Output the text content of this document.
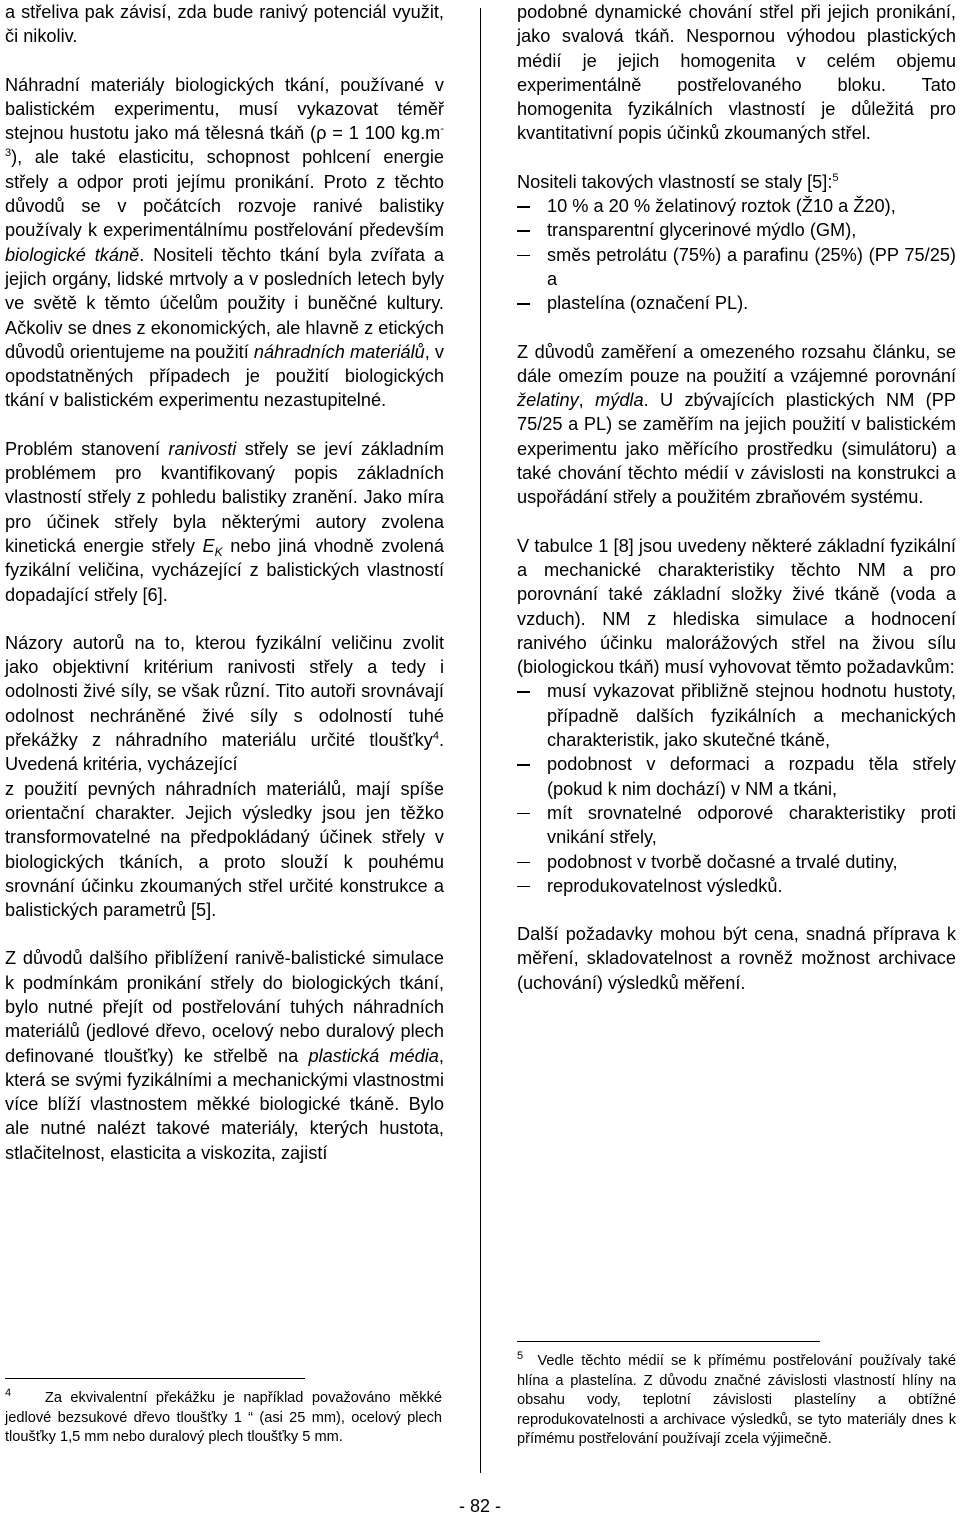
a střeliva pak závisí, zda bude ranivý potenciál využit, či nikoliv.

Náhradní materiály biologických tkání, používané v balistickém experimentu, musí vykazovat téměř stejnou hustotu jako má tělesná tkáň (ρ = 1 100 $kg.m^{-3}$), ale také elasticitu, schopnost pohlcení energie střely a odpor proti jejímu pronikání. Proto z těchto důvodů se v počátcích rozvoje ranivé balistiky používaly k experimentálnímu postřelování především biologické tkáně. Nositeli těchto tkání byla zvířata a jejich orgány, lidské mrtvoly a v posledních letech byly ve světě k těmto účelům použity i buněčné kultury. Ačkoliv se dnes z ekonomických, ale hlavně z etických důvodů orientujeme na použití náhradních materiálů, v opodstatněných případech je použití biologických tkání v balistickém experimentu nezastupitelné.

Problém stanovení ranivosti střely se jeví základním problémem pro kvantifikovaný popis základních vlastností střely z pohledu balistiky zranění. Jako míra pro účinek střely byla některými autory zvolena kinetická energie střely $E_K$ nebo jiná vhodně zvolená fyzikální veličina, vycházející z balistických vlastností dopadající střely [6].

Názory autorů na to, kterou fyzikální veličinu zvolit jako objektivní kritérium ranivosti střely a tedy i odolnosti živé síly, se však různí. Tito autoři srovnávají odolnost nechráněné živé síly s odolností tuhé překážky z náhradního materiálu určité tloušťky$^4$. Uvedená kritéria, vycházející

z použití pevných náhradních materiálů, mají spíše orientační charakter. Jejich výsledky jsou jen těžko transformovatelné na předpokládaný účinek střely v biologických tkáních, a proto slouží k pouhému srovnání účinku zkoumaných střel určité konstrukce a balistických parametrů [5].

Z důvodů dalšího přiblížení ranivě-balistické simulace k podmínkám pronikání střely do biologických tkání, bylo nutné přejít od postřelování tuhých náhradních materiálů (jedlové dřevo, ocelový nebo duralový plech definované tloušťky) ke střelbě na plastická média, která se svými fyzikálními a mechanickými vlastnostmi více blíží vlastnostem měkké biologické tkáně. Bylo ale nutné nalézt takové materiály, kterých hustota, stlačitelnost, elasticita a viskozita, zajistí

$^4$ Za ekvivalentní překážku je například považováno měkké jedlové bezsukové dřevo tloušťky 1 “ (asi 25 mm), ocelový plech tloušťky 1,5 mm nebo duralový plech tloušťky 5 mm.

podobné dynamické chování střel při jejich pronikání, jako svalová tkáň. Nespornou výhodou plastických médií je jejich homogenita v celém objemu experimentálně postřelovaného bloku. Tato homogenita fyzikálních vlastností je důležitá pro kvantitativní popis účinků zkoumaných střel.

Nositeli takových vlastností se staly [5]:$^5$

10 % a 20 % želatinový roztok (Ž10 a Ž20),
transparentní glycerinové mýdlo (GM),
směs petrolátu (75%) a parafinu (25%) (PP 75/25) a
plastelína (označení PL).

Z důvodů zaměření a omezeného rozsahu článku, se dále omezím pouze na použití a vzájemné porovnání želatiny, mýdla. U zbývajících plastických NM (PP 75/25 a PL) se zaměřím na jejich použití v balistickém experimentu jako měřícího prostředku (simulátoru) a také chování těchto médií v závislosti na konstrukci a uspořádání střely a použitém zbraňovém systému.

V tabulce 1 [8] jsou uvedeny některé základní fyzikální a mechanické charakteristiky těchto NM a pro porovnání také základní složky živé tkáně (voda a vzduch). NM z hlediska simulace a hodnocení ranivého účinku malorážových střel na živou sílu (biologickou tkáň) musí vyhovovat těmto požadavkům:

musí vykazovat přibližně stejnou hodnotu hustoty, případně dalších fyzikálních a mechanických charakteristik, jako skutečné tkáně,
podobnost v deformaci a rozpadu těla střely (pokud k nim dochází) v NM a tkáni,
mít srovnatelné odporové charakteristiky proti vnikání střely,
podobnost v tvorbě dočasné a trvalé dutiny,
reprodukovatelnost výsledků.

Další požadavky mohou být cena, snadná příprava k měření, skladovatelnost a rovněž možnost archivace (uchování) výsledků měření.

$^5$ Vedle těchto médií se k přímému postřelování používaly také hlína a plastelína. Z důvodu značné závislosti vlastností hlíny na obsahu vody, teplotní závislosti plastelíny a obtížné reprodukovatelnosti a archivace výsledků, se tyto materiály dnes k přímému postřelování používají zcela výjimečně.
- 82 -
